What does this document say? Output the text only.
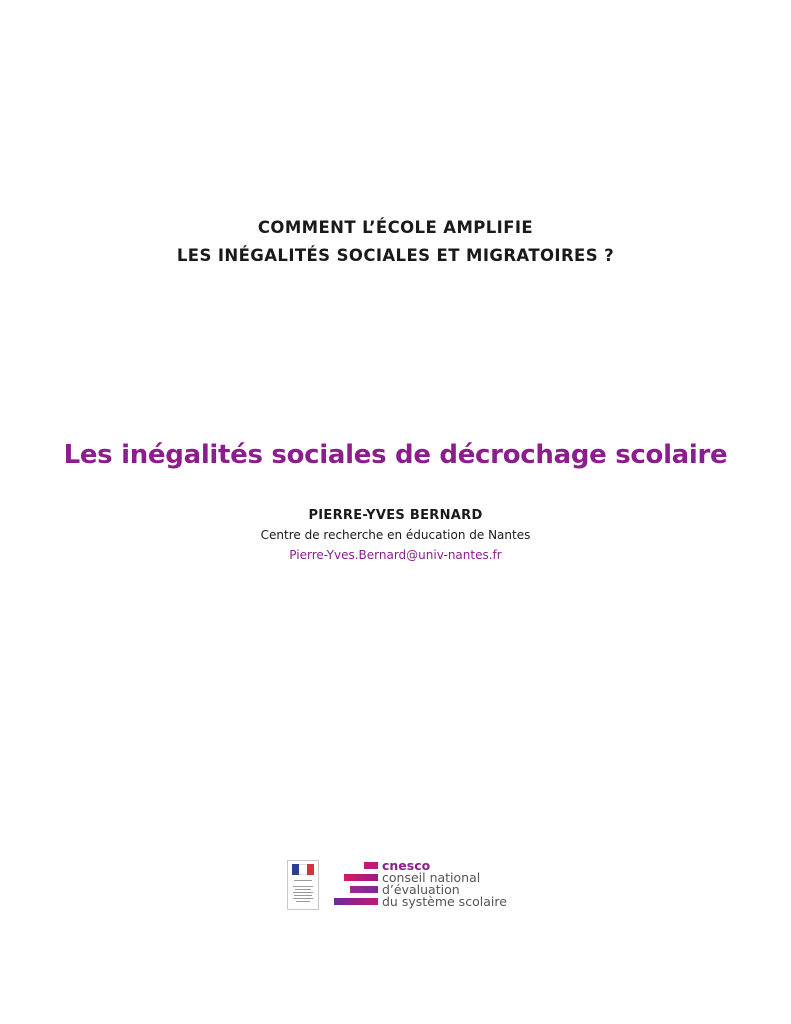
COMMENT L’ÉCOLE AMPLIFIE
LES INÉGALITÉS SOCIALES ET MIGRATOIRES ?
Les inégalités sociales de décrochage scolaire
PIERRE-YVES BERNARD
Centre de recherche en éducation de Nantes
Pierre-Yves.Bernard@univ-nantes.fr
cnesco
conseil national
d’évaluation
du système scolaire
